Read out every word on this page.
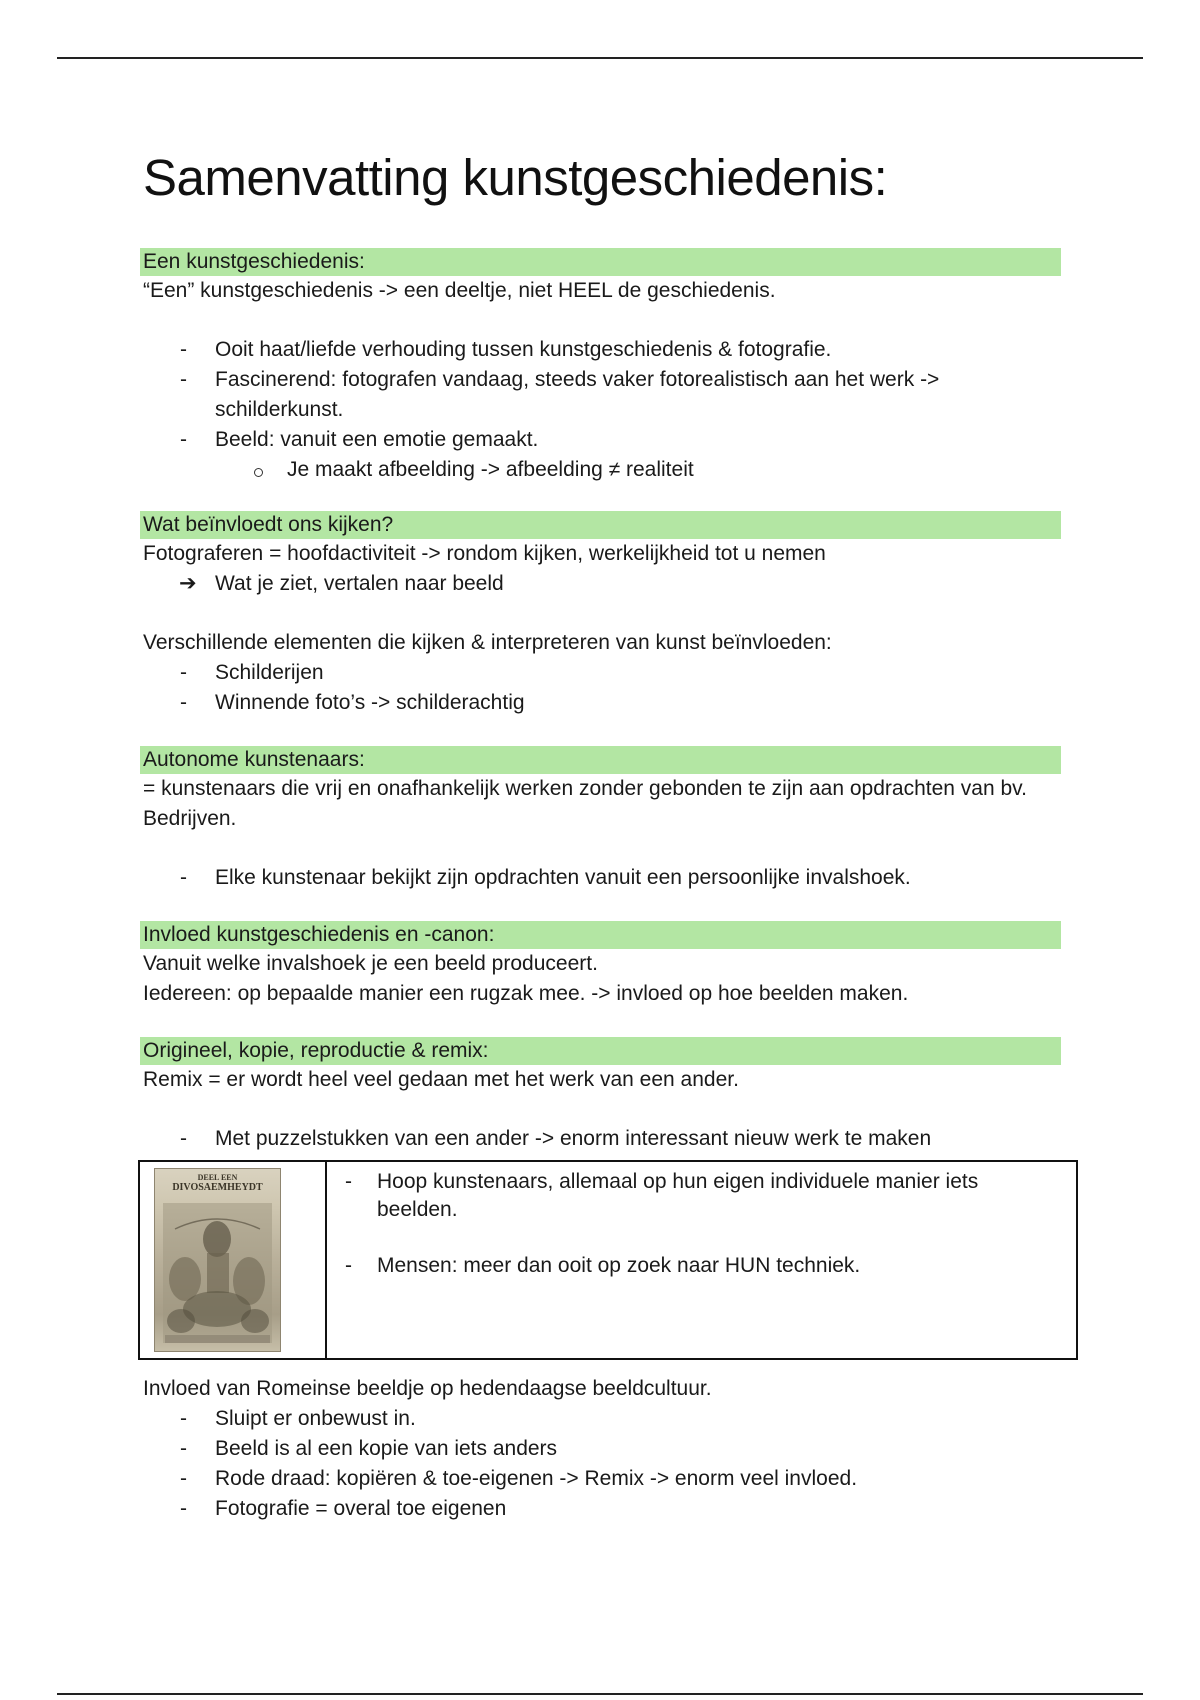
Samenvatting kunstgeschiedenis:
Een kunstgeschiedenis:

“Een” kunstgeschiedenis -> een deeltje, niet HEEL de geschiedenis.

- Ooit haat/liefde verhouding tussen kunstgeschiedenis & fotografie.
- Fascinerend: fotografen vandaag, steeds vaker fotorealistisch aan het werk -> schilderkunst.
- Beeld: vanuit een emotie gemaakt.
Je maakt afbeelding -> afbeelding ≠ realiteit
Wat beïnvloedt ons kijken?

Fotograferen = hoofdactiviteit -> rondom kijken, werkelijkheid tot u nemen

➔ Wat je ziet, vertalen naar beeld

Verschillende elementen die kijken & interpreteren van kunst beïnvloeden:

- Schilderijen
- Winnende foto’s -> schilderachtig
Autonome kunstenaars:

= kunstenaars die vrij en onafhankelijk werken zonder gebonden te zijn aan opdrachten van bv. Bedrijven.

- Elke kunstenaar bekijkt zijn opdrachten vanuit een persoonlijke invalshoek.
Invloed kunstgeschiedenis en -canon:

Vanuit welke invalshoek je een beeld produceert.

Iedereen: op bepaalde manier een rugzak mee. -> invloed op hoe beelden maken.

Origineel, kopie, reproductie & remix:

Remix = er wordt heel veel gedaan met het werk van een ander.

- Met puzzelstukken van een ander -> enorm interessant nieuw werk te maken
DEEL EEN
DIVOSAEMHEYDT

-Hoop kunstenaars, allemaal op hun eigen individuele manier iets beelden.
- Mensen: meer dan ooit op zoek naar HUN techniek.

Invloed van Romeinse beeldje op hedendaagse beeldcultuur.

- Sluipt er onbewust in.
- Beeld is al een kopie van iets anders
- Rode draad: kopiëren & toe-eigenen -> Remix -> enorm veel invloed.
- Fotografie = overal toe eigenen
